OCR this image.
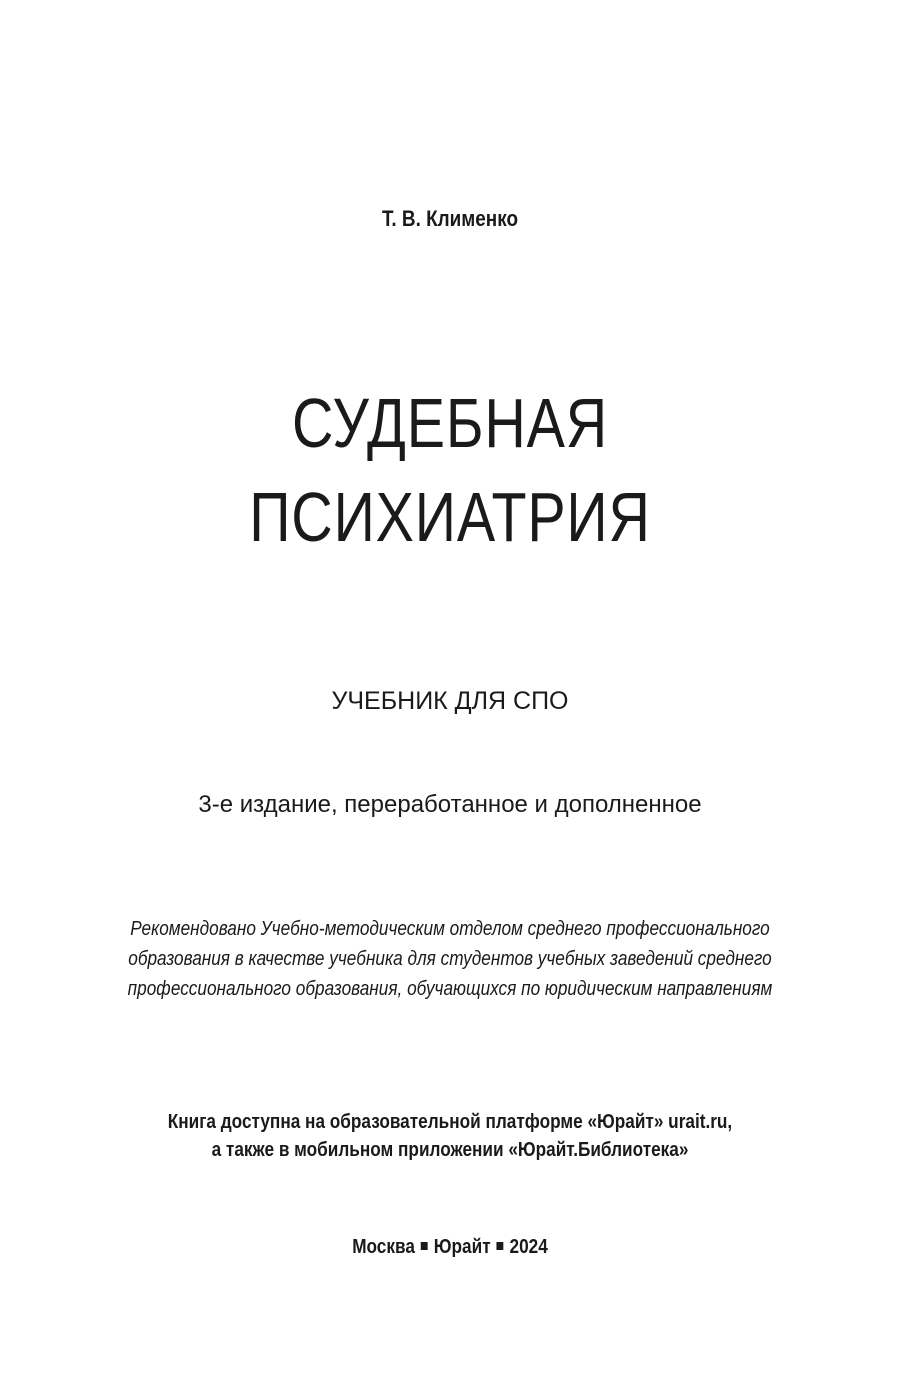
Т. В. Клименко
СУДЕБНАЯ
ПСИХИАТРИЯ
УЧЕБНИК ДЛЯ СПО
3-е издание, переработанное и дополненное
Рекомендовано Учебно-методическим отделом среднего профессионального
образования в качестве учебника для студентов учебных заведений среднего
профессионального образования, обучающихся по юридическим направлениям
Книга доступна на образовательной платформе «Юрайт» urait.ru,
а также в мобильном приложении «Юрайт.Библиотека»
Москва Юрайт 2024
